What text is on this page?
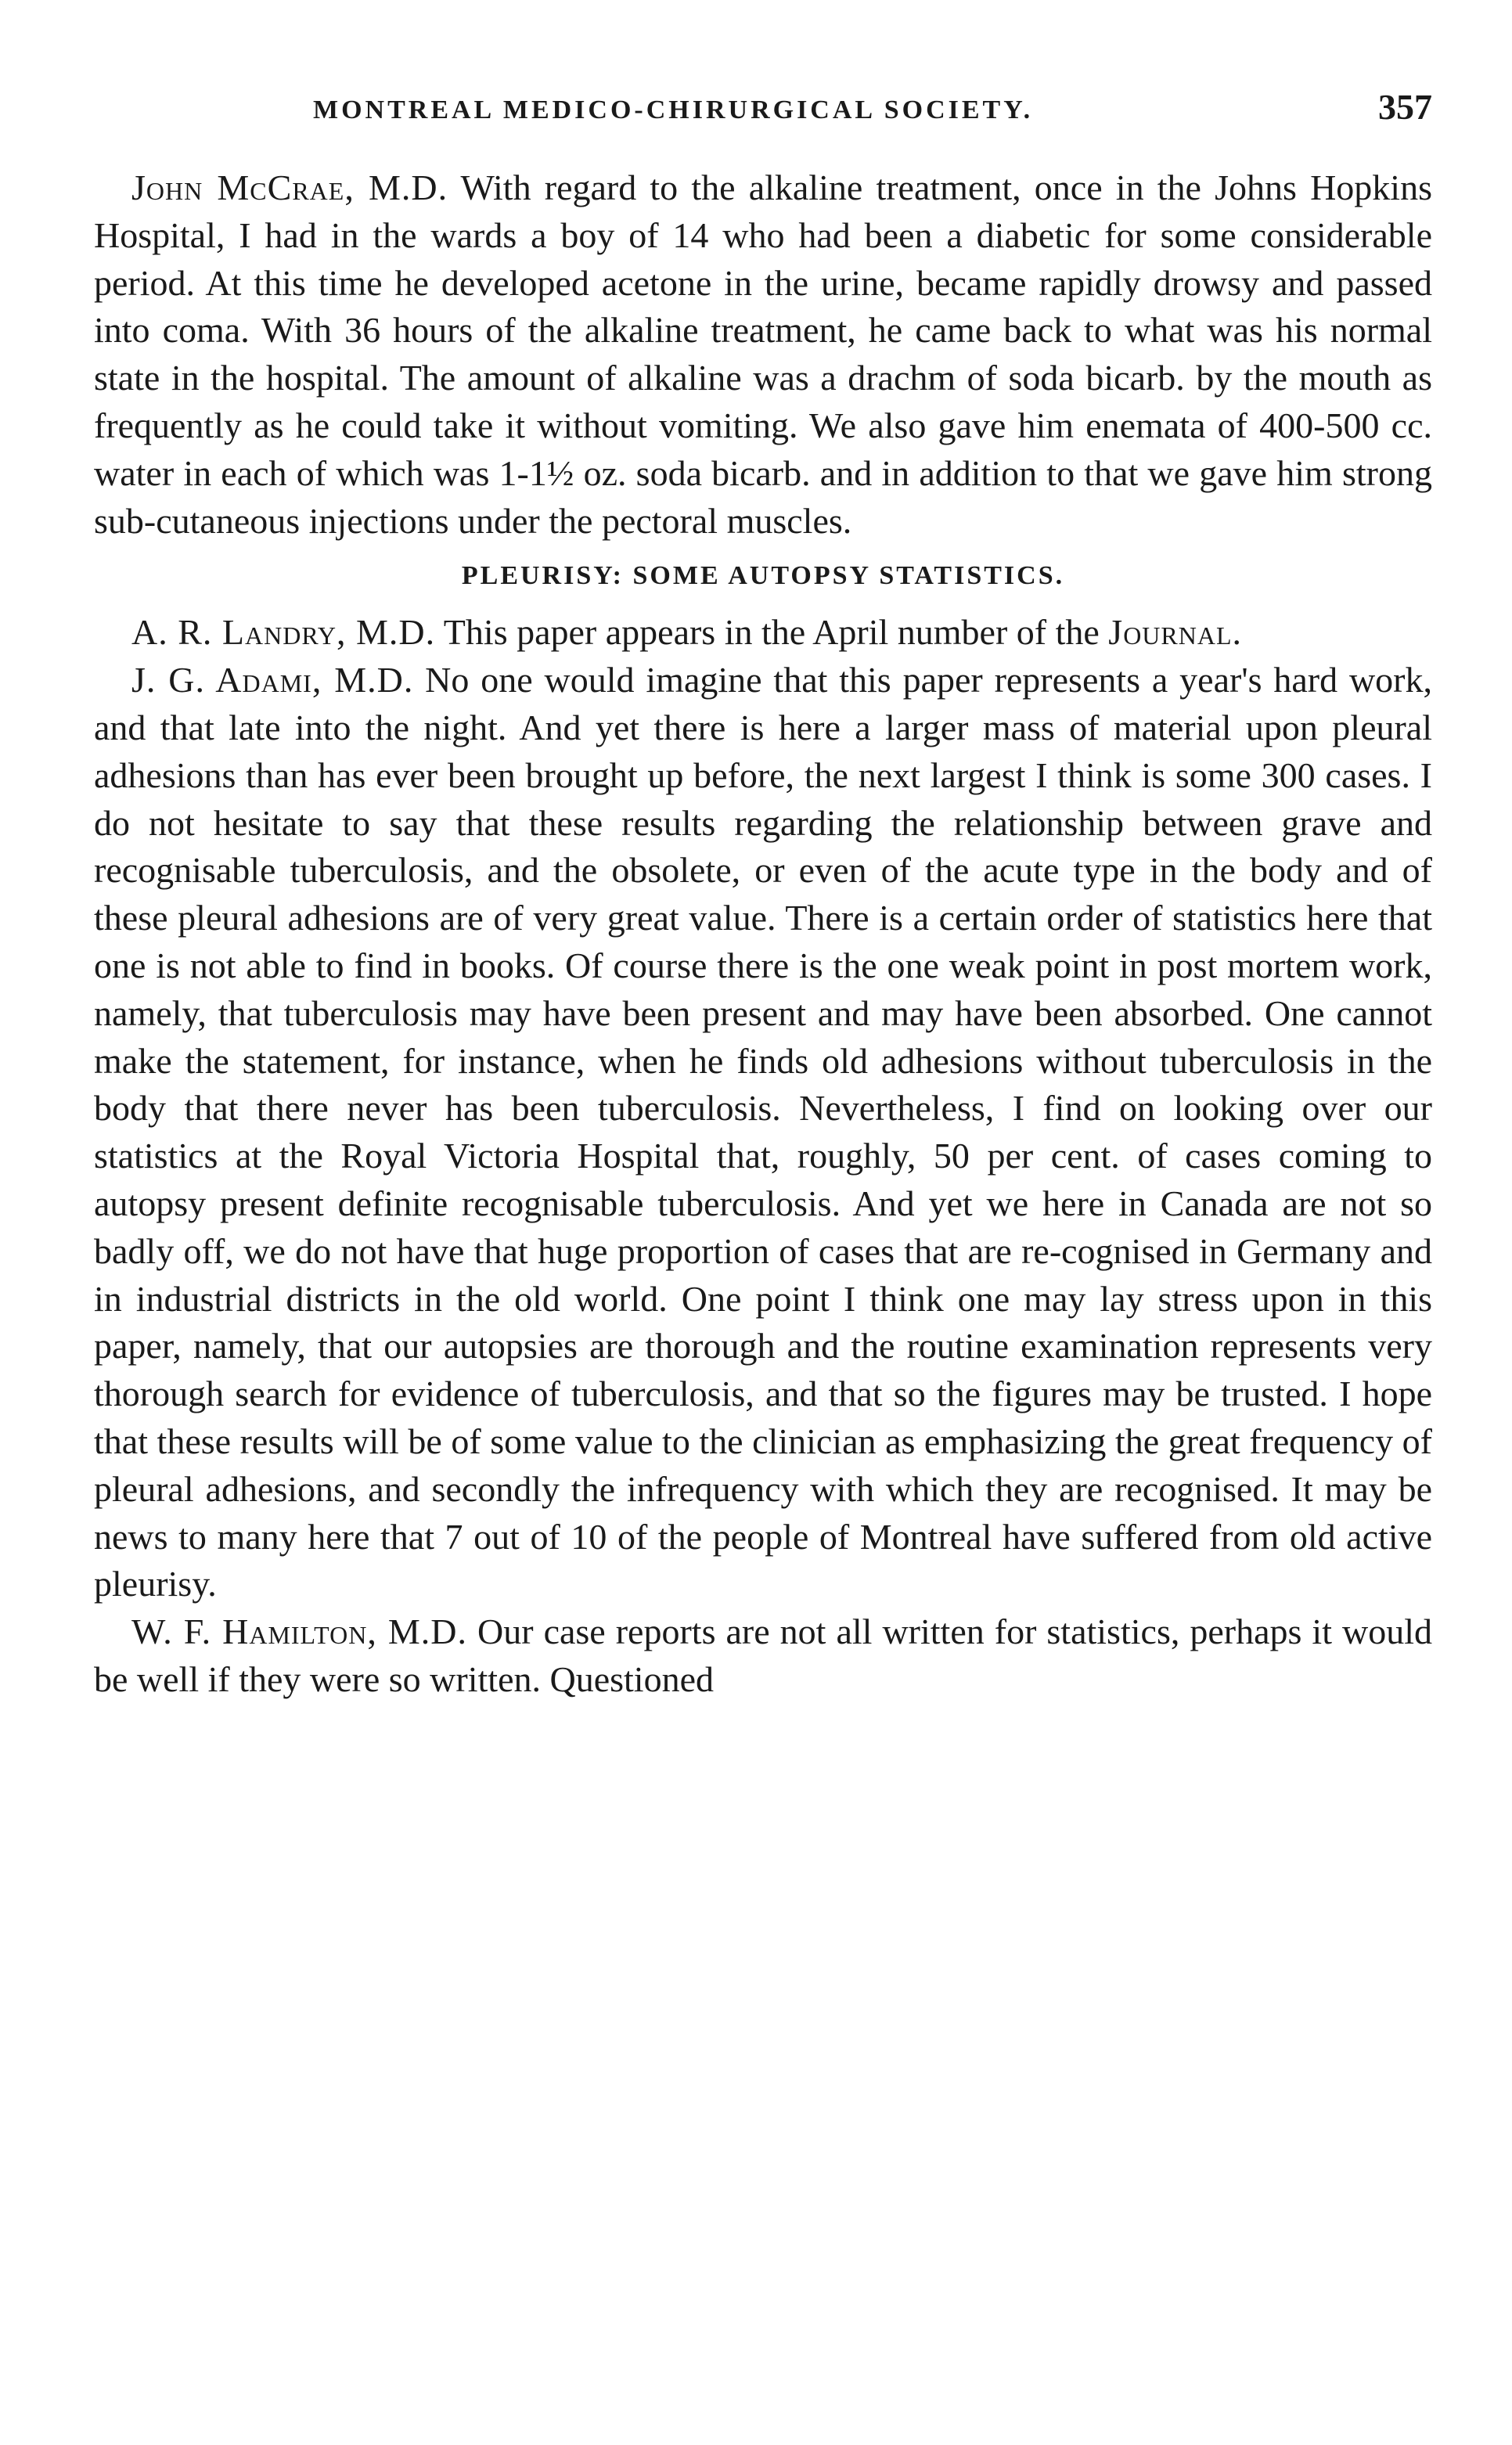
MONTREAL MEDICO-CHIRURGICAL SOCIETY.	357

John McCrae, M.D. With regard to the alkaline treatment, once in the Johns Hopkins Hospital, I had in the wards a boy of 14 who had been a diabetic for some considerable period. At this time he developed acetone in the urine, became rapidly drowsy and passed into coma. With 36 hours of the alkaline treatment, he came back to what was his normal state in the hospital. The amount of alkaline was a drachm of soda bicarb. by the mouth as frequently as he could take it without vomiting. We also gave him enemata of 400-500 cc. water in each of which was 1-1½ oz. soda bicarb. and in addition to that we gave him strong sub-cutaneous injections under the pectoral muscles.

PLEURISY: SOME AUTOPSY STATISTICS.

A. R. Landry, M.D. This paper appears in the April number of the Journal.

J. G. Adami, M.D. No one would imagine that this paper represents a year's hard work, and that late into the night. And yet there is here a larger mass of material upon pleural adhesions than has ever been brought up before, the next largest I think is some 300 cases. I do not hesitate to say that these results regarding the relationship between grave and recognisable tuberculosis, and the obsolete, or even of the acute type in the body and of these pleural adhesions are of very great value. There is a certain order of statistics here that one is not able to find in books. Of course there is the one weak point in post mortem work, namely, that tuberculosis may have been present and may have been absorbed. One cannot make the statement, for instance, when he finds old adhesions without tuberculosis in the body that there never has been tuberculosis. Nevertheless, I find on looking over our statistics at the Royal Victoria Hospital that, roughly, 50 per cent. of cases coming to autopsy present definite recognisable tuberculosis. And yet we here in Canada are not so badly off, we do not have that huge proportion of cases that are re-cognised in Germany and in industrial districts in the old world. One point I think one may lay stress upon in this paper, namely, that our autopsies are thorough and the routine examination represents very thorough search for evidence of tuberculosis, and that so the figures may be trusted. I hope that these results will be of some value to the clinician as emphasizing the great frequency of pleural adhesions, and secondly the infrequency with which they are recognised. It may be news to many here that 7 out of 10 of the people of Montreal have suffered from old active pleurisy.

W. F. Hamilton, M.D. Our case reports are not all written for statistics, perhaps it would be well if they were so written. Questioned
